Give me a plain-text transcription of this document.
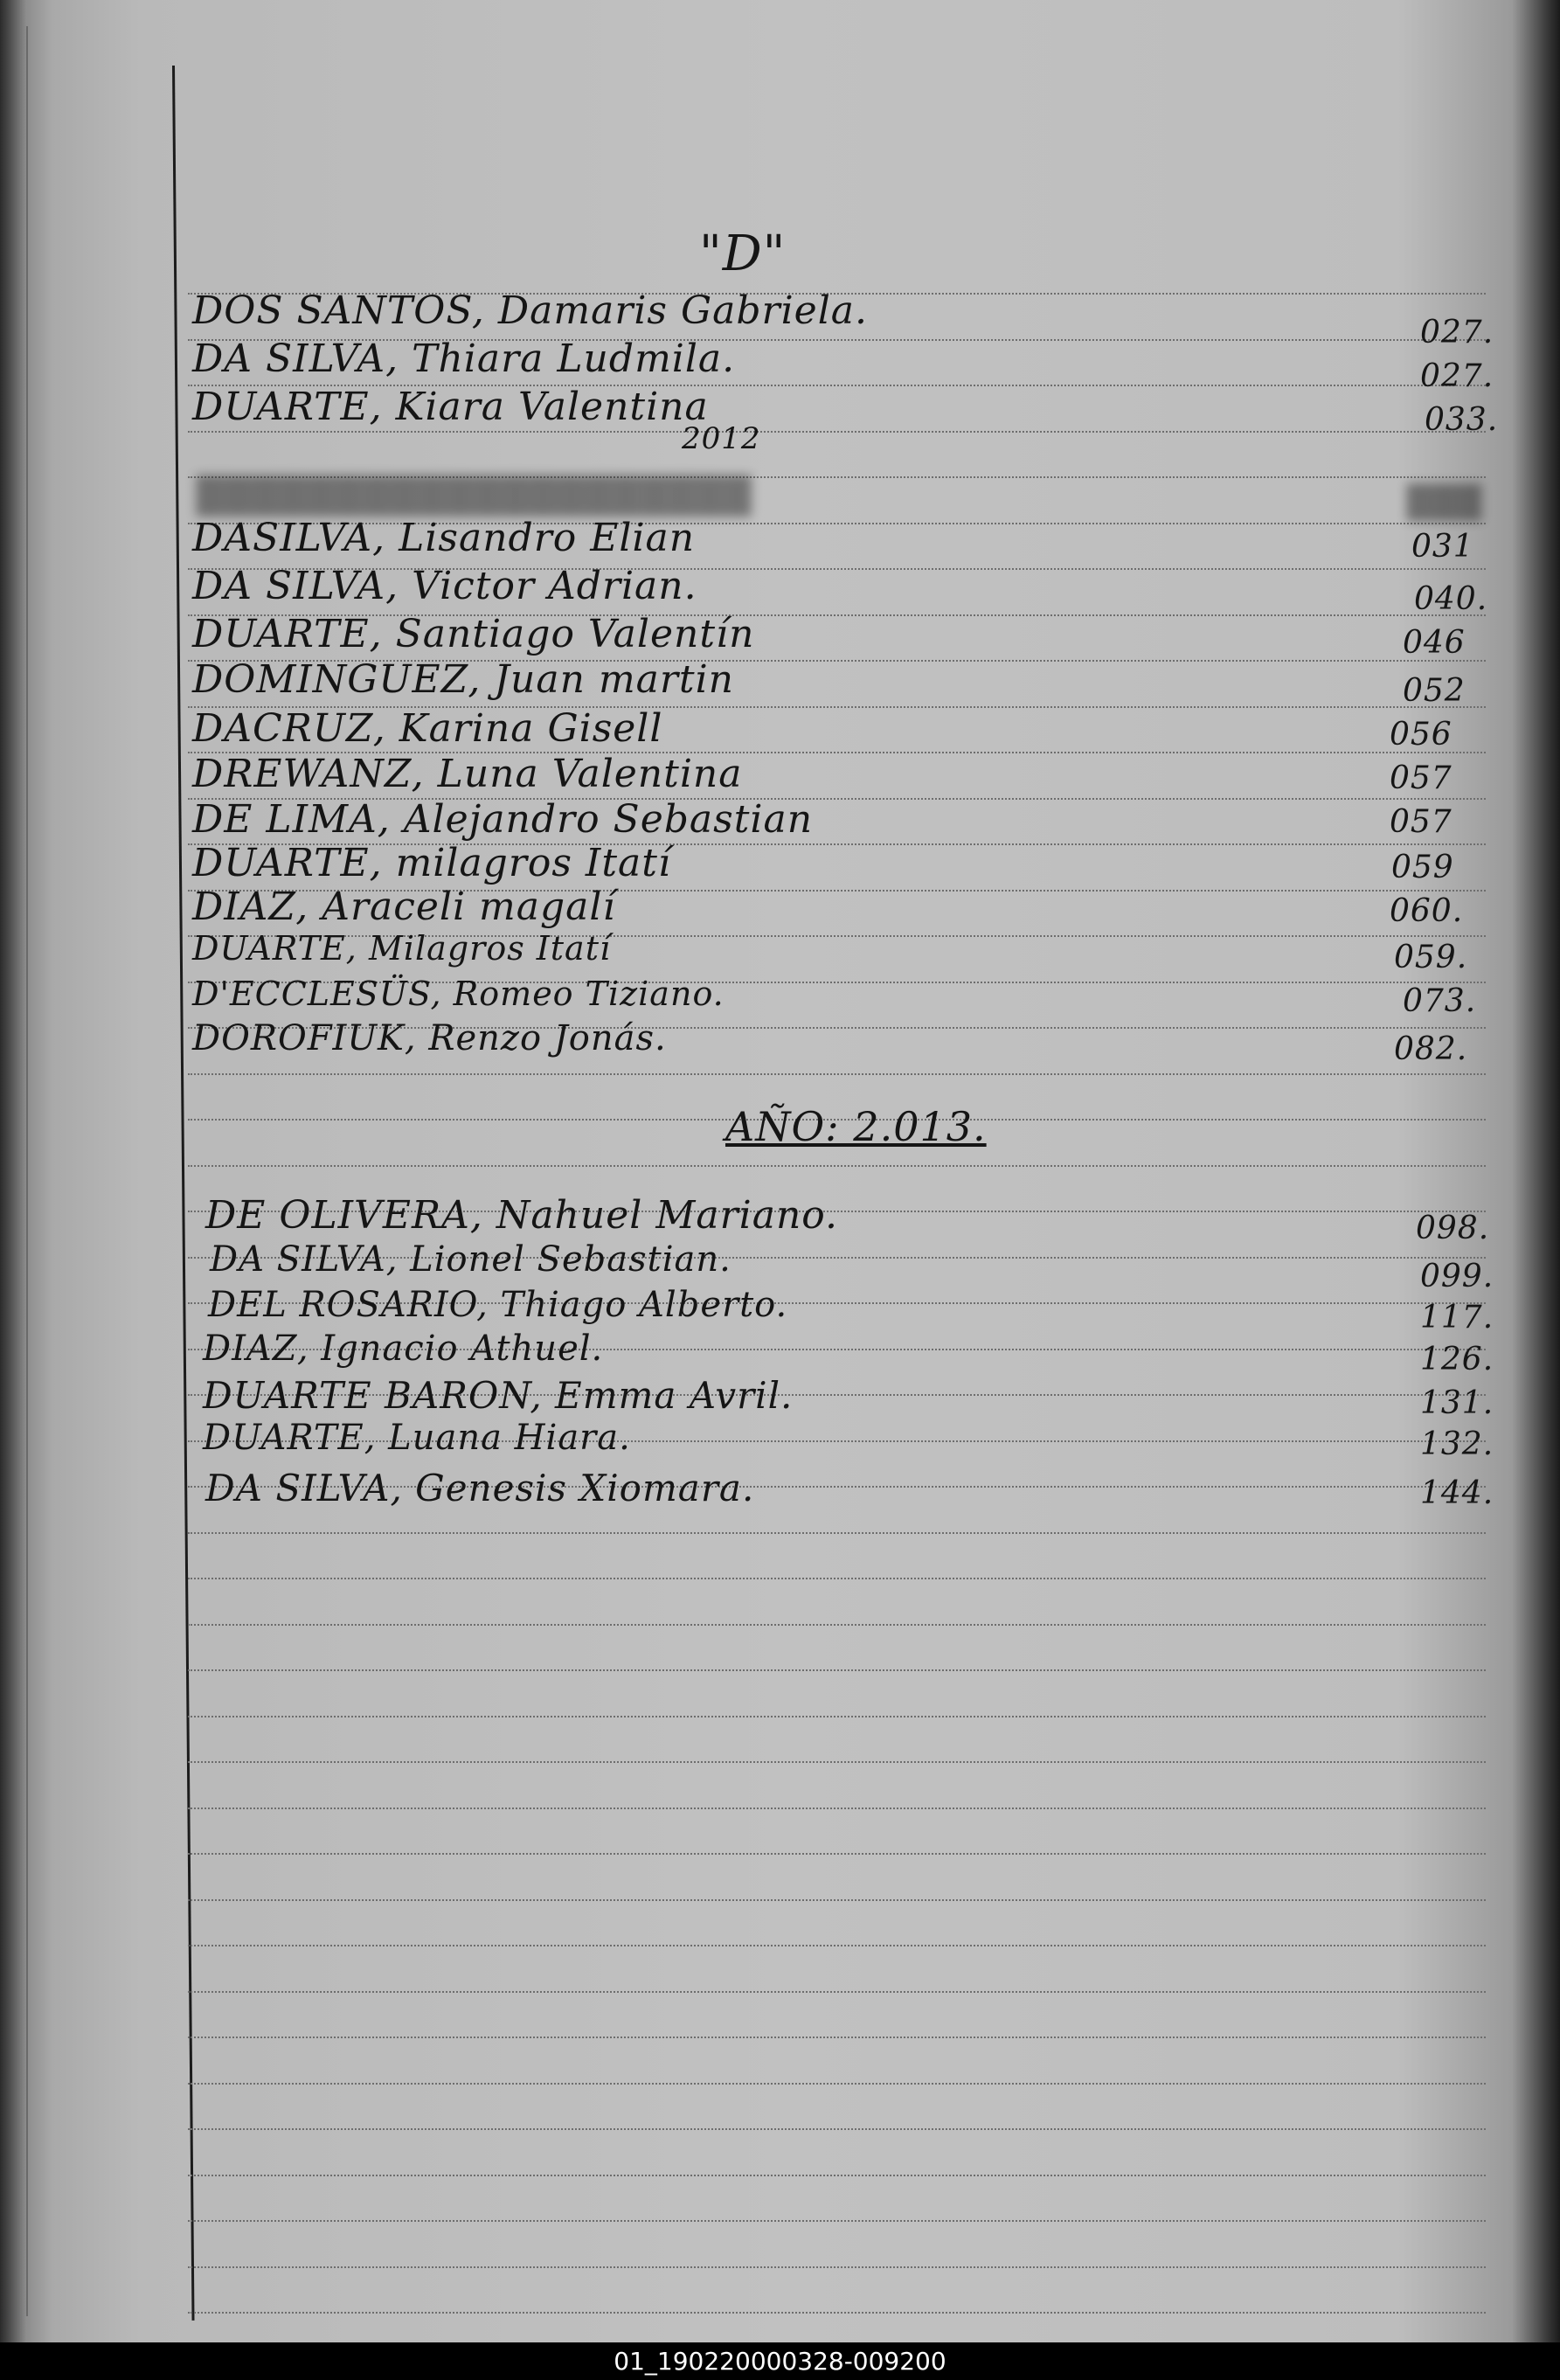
"D"
DOS SANTOS, Damaris Gabriela.	027.
DA SILVA, Thiara Ludmila.	027.
DUARTE, Kiara Valentina	033.
2012
████████████████████	███
DASILVA, Lisandro Elian	031
DA SILVA, Victor Adrian.	040.
DUARTE, Santiago Valentín	046
DOMINGUEZ, Juan martin	052
DACRUZ, Karina Gisell	056
DREWANZ, Luna Valentina	057
DE LIMA, Alejandro Sebastian	057
DUARTE, milagros Itatí	059
DIAZ, Araceli magalí	060.
DUARTE, Milagros Itatí	059.
D'ECCLESÜS, Romeo Tiziano.	073.
DOROFIUK, Renzo Jonás.	082.
AÑO: 2.013.
DE OLIVERA, Nahuel Mariano.	098.
DA SILVA, Lionel Sebastian.	099.
DEL ROSARIO, Thiago Alberto.	117.
DIAZ, Ignacio Athuel.	126.
DUARTE BARON, Emma Avril.	131.
DUARTE, Luana Hiara.	132.
DA SILVA, Genesis Xiomara.	144.
01_190220000328-009200
